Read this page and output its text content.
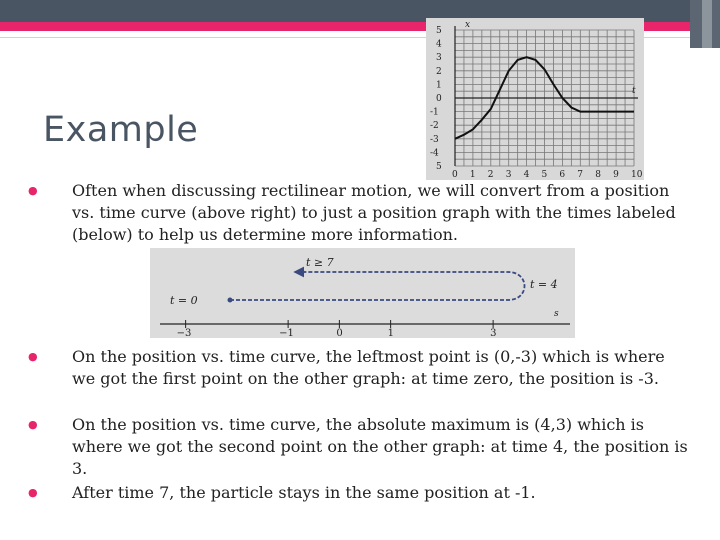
Example
0 1 2 3 4 5 6 7 8 9 10
5
4
3
2
1
0
-1
-2
-3
-4
5
x
t
● Often when discussing rectilinear motion, we will convert from a position vs. time curve (above right) to just a position graph with the times labeled (below) to help us determine more information.
−3	−1	0	1	3
s
t ≥ 7
t = 0
t = 4
● On the position vs. time curve, the leftmost point is (0,-3) which is where we got the first point on the other graph: at time zero, the position is -3.
● On the position vs. time curve, the absolute maximum is (4,3) which is where we got the second point on the other graph: at time 4, the position is 3.
● After time 7, the particle stays in the same position at -1.
